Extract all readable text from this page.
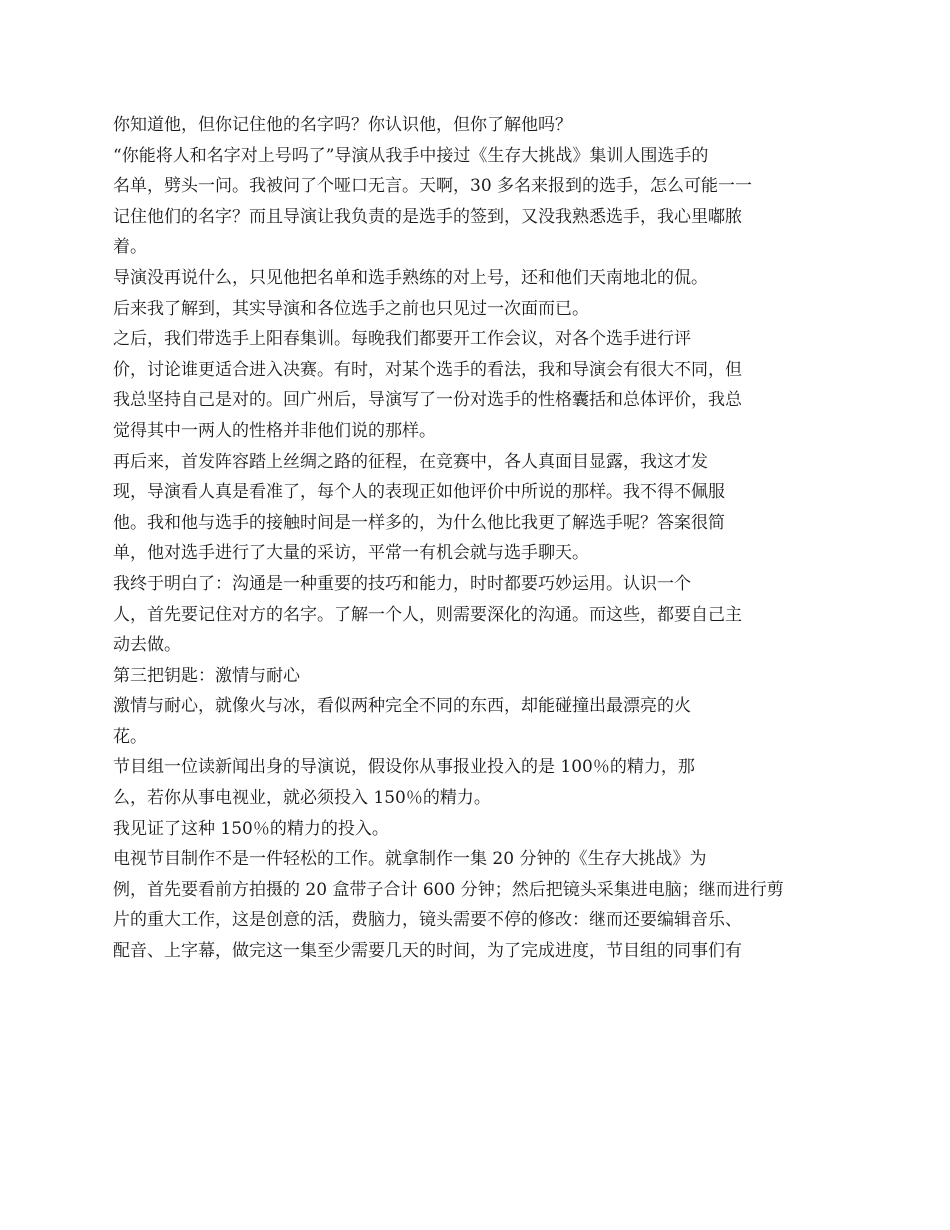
你知道他，但你记住他的名字吗？你认识他，但你了解他吗？
“你能将人和名字对上号吗了”导演从我手中接过《生存大挑战》集训人围选手的
名单，劈头一问。我被问了个哑口无言。天啊，30 多名来报到的选手，怎么可能一一
记住他们的名字？而且导演让我负责的是选手的签到，又没我熟悉选手，我心里嘟脓
着。
导演没再说什么，只见他把名单和选手熟练的对上号，还和他们天南地北的侃。
后来我了解到，其实导演和各位选手之前也只见过一次面而已。
之后，我们带选手上阳春集训。每晚我们都要开工作会议，对各个选手进行评
价，讨论谁更适合进入决赛。有时，对某个选手的看法，我和导演会有很大不同，但
我总坚持自己是对的。回广州后，导演写了一份对选手的性格囊括和总体评价，我总
觉得其中一两人的性格并非他们说的那样。
再后来，首发阵容踏上丝绸之路的征程，在竞赛中，各人真面目显露，我这才发
现，导演看人真是看准了，每个人的表现正如他评价中所说的那样。我不得不佩服
他。我和他与选手的接触时间是一样多的，为什么他比我更了解选手呢？答案很简
单，他对选手进行了大量的采访，平常一有机会就与选手聊天。
我终于明白了：沟通是一种重要的技巧和能力，时时都要巧妙运用。认识一个
人，首先要记住对方的名字。了解一个人，则需要深化的沟通。而这些，都要自己主
动去做。
第三把钥匙：激情与耐心
激情与耐心，就像火与冰，看似两种完全不同的东西，却能碰撞出最漂亮的火
花。
节目组一位读新闻出身的导演说，假设你从事报业投入的是 100％的精力，那
么，若你从事电视业，就必须投入 150％的精力。
我见证了这种 150％的精力的投入。
电视节目制作不是一件轻松的工作。就拿制作一集 20 分钟的《生存大挑战》为
例，首先要看前方拍摄的 20 盒带子合计 600 分钟；然后把镜头采集进电脑；继而进行剪
片的重大工作，这是创意的活，费脑力，镜头需要不停的修改：继而还要编辑音乐、
配音、上字幕，做完这一集至少需要几天的时间，为了完成进度，节目组的同事们有
